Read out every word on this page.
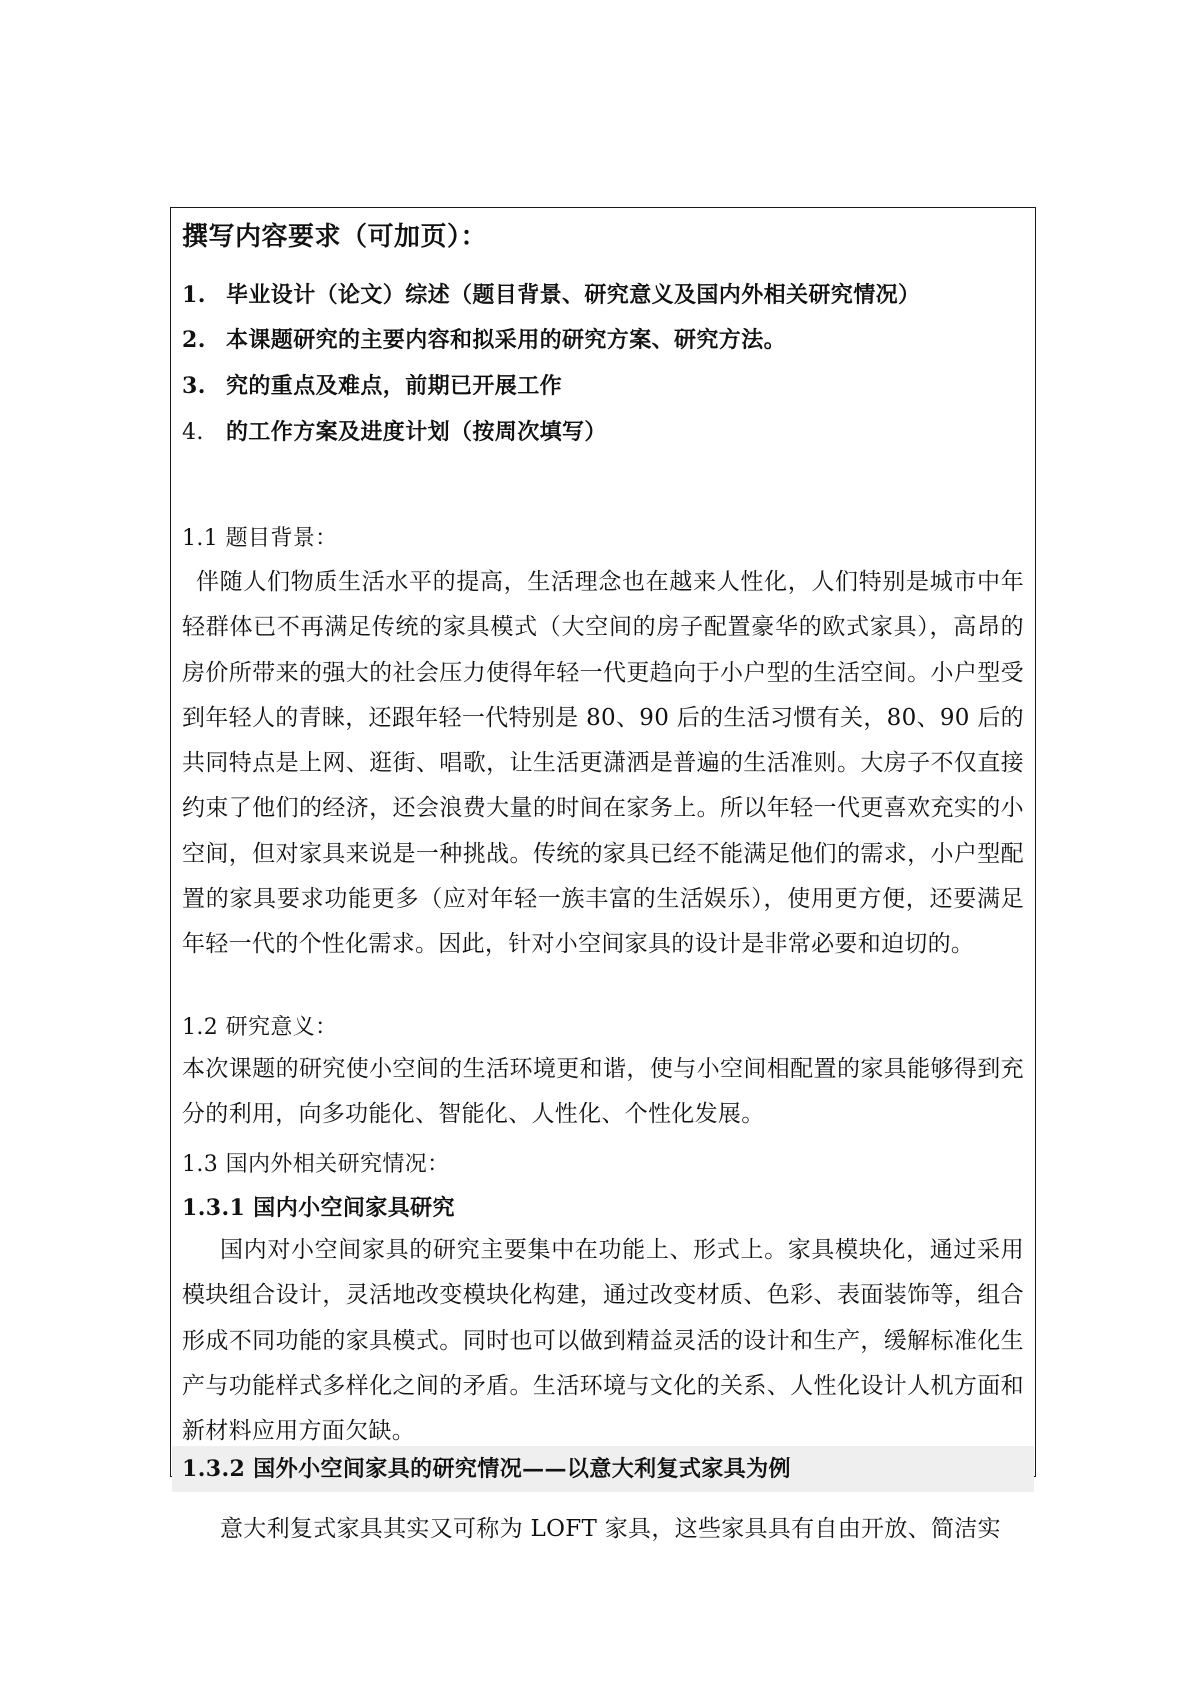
撰写内容要求（可加页）：
1. 毕业设计（论文）综述（题目背景、研究意义及国内外相关研究情况）
2. 本课题研究的主要内容和拟采用的研究方案、研究方法。
3. 究的重点及难点，前期已开展工作
4. 的工作方案及进度计划（按周次填写）
1.1 题目背景：
伴随人们物质生活水平的提高，生活理念也在越来人性化，人们特别是城市中年轻群体已不再满足传统的家具模式（大空间的房子配置豪华的欧式家具），高昂的房价所带来的强大的社会压力使得年轻一代更趋向于小户型的生活空间。小户型受到年轻人的青睐，还跟年轻一代特别是 80、90 后的生活习惯有关，80、90 后的共同特点是上网、逛街、唱歌，让生活更潇洒是普遍的生活准则。大房子不仅直接约束了他们的经济，还会浪费大量的时间在家务上。所以年轻一代更喜欢充实的小空间，但对家具来说是一种挑战。传统的家具已经不能满足他们的需求，小户型配置的家具要求功能更多（应对年轻一族丰富的生活娱乐），使用更方便，还要满足年轻一代的个性化需求。因此，针对小空间家具的设计是非常必要和迫切的。
1.2 研究意义：
本次课题的研究使小空间的生活环境更和谐，使与小空间相配置的家具能够得到充分的利用，向多功能化、智能化、人性化、个性化发展。
1.3 国内外相关研究情况：
1.3.1 国内小空间家具研究
国内对小空间家具的研究主要集中在功能上、形式上。家具模块化，通过采用模块组合设计，灵活地改变模块化构建，通过改变材质、色彩、表面装饰等，组合形成不同功能的家具模式。同时也可以做到精益灵活的设计和生产，缓解标准化生产与功能样式多样化之间的矛盾。生活环境与文化的关系、人性化设计人机方面和新材料应用方面欠缺。
1.3.2 国外小空间家具的研究情况——以意大利复式家具为例
意大利复式家具其实又可称为 LOFT 家具，这些家具具有自由开放、简洁实
